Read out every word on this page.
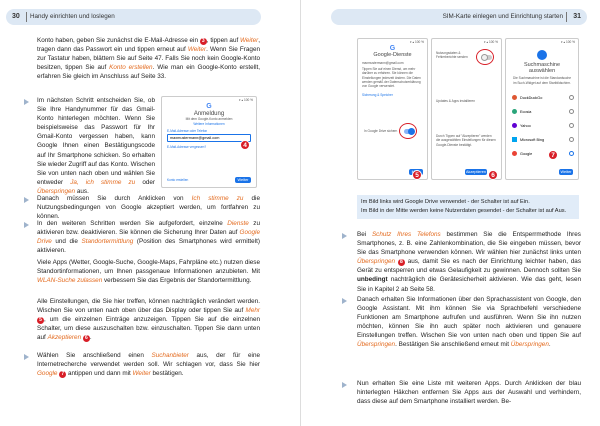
30 Handy einrichten und loslegen

Konto haben, geben Sie zunächst die E-Mail-Adresse ein 3 , tippen auf Weiter, tragen dann das Passwort ein und tippen erneut auf Weiter. Wenn Sie Fragen zur Tastatur haben, blättern Sie auf Seite 47. Falls Sie noch kein Google-Konto besitzen, tippen Sie auf Konto erstellen. Wie man ein Google-Konto erstellt, erfahren Sie gleich im Anschluss auf Seite 33.

Im nächsten Schritt entscheiden Sie, ob Sie Ihre Handynummer für das Gmail-Konto hinterlegen möchten. Wenn Sie beispielsweise das Passwort für Ihr Gmail-Konto vergessen haben, kann Google Ihnen einen Bestätigungscode auf Ihr Smartphone schicken. So erhalten Sie wieder Zugriff auf das Konto. Wischen Sie von unten nach oben und wählen Sie entweder Ja, ich stimme zu oder Überspringen aus.

▾ ▴ 100 %
G
Anmeldung
Mit dem Google-Konto anmelden
Weitere Informationen
E-Mail-Adresse oder Telefon
maxmustermann@gmail.com
E-Mail-Adresse vergessen?
Konto erstellen	Weiter
4

Danach müssen Sie durch Anklicken von Ich stimme zu die Nutzungsbedingungen von Google akzeptiert werden, um fortfahren zu können.

In den weiteren Schritten werden Sie aufgefordert, einzelne Dienste zu aktivieren bzw. deaktivieren. Sie können die Sicherung Ihrer Daten auf Google Drive und die Standortermittlung (Position des Smartphones wird ermittelt) aktivieren.

Viele Apps (Wetter, Google-Suche, Google-Maps, Fahrpläne etc.) nutzen diese Standortinformationen, um Ihnen passgenaue Informationen anzubieten. Mit WLAN-Suche zulassen verbessern Sie das Ergebnis der Standortermittlung.

Alle Einstellungen, die Sie hier treffen, können nachträglich verändert werden. Wischen Sie von unten nach oben über das Display oder tippen Sie auf Mehr5 , um die einzelnen Einträge anzuzeigen. Tippen Sie auf die einzelnen Schalter, um diese auszuschalten bzw. einzuschalten. Tippen Sie dann unten auf Akzeptieren 6 .

Wählen Sie anschließend einen Suchanbieter aus, der für eine Internetrecherche verwendet werden soll. Wir schlagen vor, dass Sie hier Google 7 antippen und dann mit Weiter bestätigen.

SIM-Karte einlegen und Einrichtung starten 31
▾ ▴ 100 %
G
Google-Dienste
maxmustermann@gmail.com
Tippen Sie auf einen Dienst, um mehr darüber zu erfahren. Sie können die Einstellungen jederzeit ändern. Die Daten werden gemäß der Datenschutzerklärung von Google verwendet.
Sicherung & Speicher
In Google Drive sichern
5
▾ ▴ 100 %
Nutzungsdaten & Fehlerberichte senden
Updates & Apps installieren
Durch Tippen auf "Akzeptieren" werden die ausgewählten Einstellungen für diesen Google-Dienste bestätigt.
Akzeptieren 6
▾ ▴ 100 %
Suchmaschine auswählen
Die Suchmaschine ist die Standardsuche im Such-Widget auf dem Startbildschirm.
DuckDuckGo
Ecosia
Yahoo
Microsoft Bing
Google
Weiter
7
Im Bild links wird Google Drive verwendet - der Schalter ist auf Ein.
Im Bild in der Mitte werden keine Nutzerdaten gesendet - der Schalter ist auf Aus.

Bei Schutz Ihres Telefons bestimmen Sie die Entsperrmethode Ihres Smartphones, z. B. eine Zahlenkombination, die Sie eingeben müssen, bevor Sie das Smartphone verwenden können. Wir wählen hier zunächst links unten Überspringen 8 aus, damit Sie es nach der Einrichtung leichter haben, das Gerät zu entsperren und etwas Gelaufigkeit zu gewinnen. Dennoch sollten Sie unbedingt nachträglich die Gerätesicherheit aktivieren. Wie das geht, lesen Sie in Kapitel 2 ab Seite 58.

Danach erhalten Sie Informationen über den Sprachassistent von Google, den Google Assistant. Mit ihm können Sie via Sprachbefehl verschiedene Funktionen am Smartphone aufrufen und ausführen. Wenn Sie ihn nutzen möchten, können Sie ihn auch später noch aktivieren und genauere Einstellungen treffen. Wischen Sie von unten nach oben und tippen Sie auf Überspringen. Bestätigen Sie anschließend erneut mit Überspringen.

Nun erhalten Sie eine Liste mit weiteren Apps. Durch Anklicken der blau hinterlegten Häkchen entfernen Sie Apps aus der Auswahl und verhindern, dass diese auf dem Smartphone installiert werden. Be-
